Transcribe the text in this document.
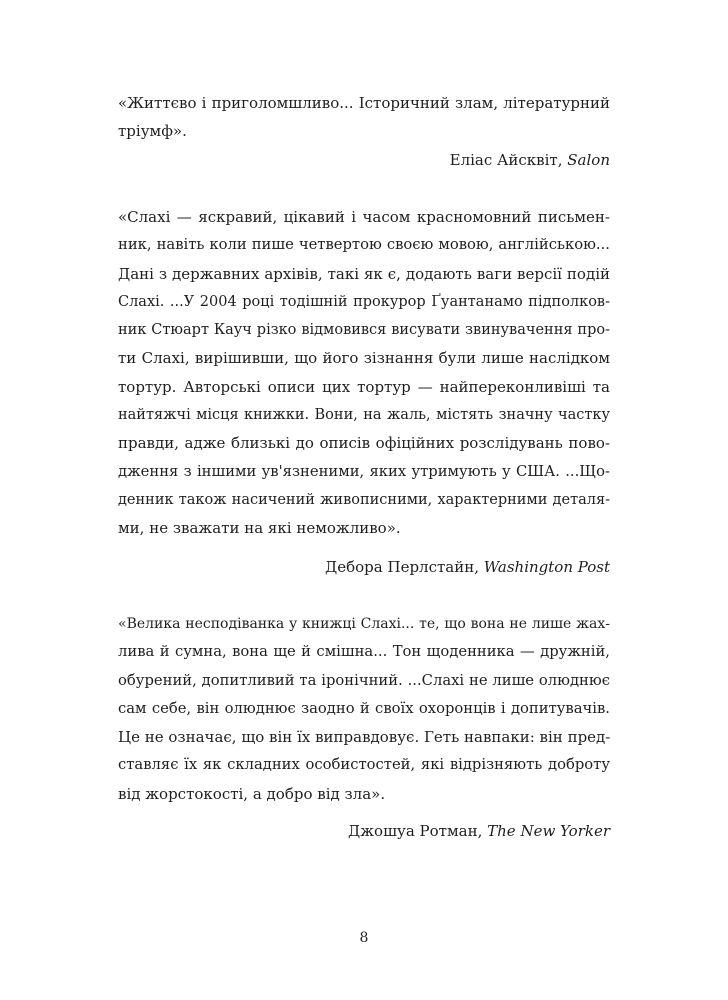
«Життєво і приголомшливо... Історичний злам, літературний
тріумф».
Еліас Айсквіт, Salon
«Слахі — яскравий, цікавий і часом красномовний письмен-
ник, навіть коли пише четвертою своєю мовою, англійською...
Дані з державних архівів, такі як є, додають ваги версії подій
Слахі. ...У 2004 році тодішній прокурор Ґуантанамо підполков-
ник Стюарт Кауч різко відмовився висувати звинувачення про-
ти Слахі, вирішивши, що його зізнання були лише наслідком
тортур. Авторські описи цих тортур — найпереконливіші та
найтяжчі місця книжки. Вони, на жаль, містять значну частку
правди, адже близькі до описів офіційних розслідувань пово-
дження з іншими ув'язненими, яких утримують у США. ...Що-
денник також насичений живописними, характерними деталя-
ми, не зважати на які неможливо».
Дебора Перлстайн, Washington Post
«Велика несподіванка у книжці Слахі... те, що вона не лише жах-
лива й сумна, вона ще й смішна... Тон щоденника — дружній,
обурений, допитливий та іронічний. ...Слахі не лише олюднює
сам себе, він олюднює заодно й своїх охоронців і допитувачів.
Це не означає, що він їх виправдовує. Геть навпаки: він пред-
ставляє їх як складних особистостей, які відрізняють доброту
від жорстокості, а добро від зла».
Джошуа Ротман, The New Yorker
8
